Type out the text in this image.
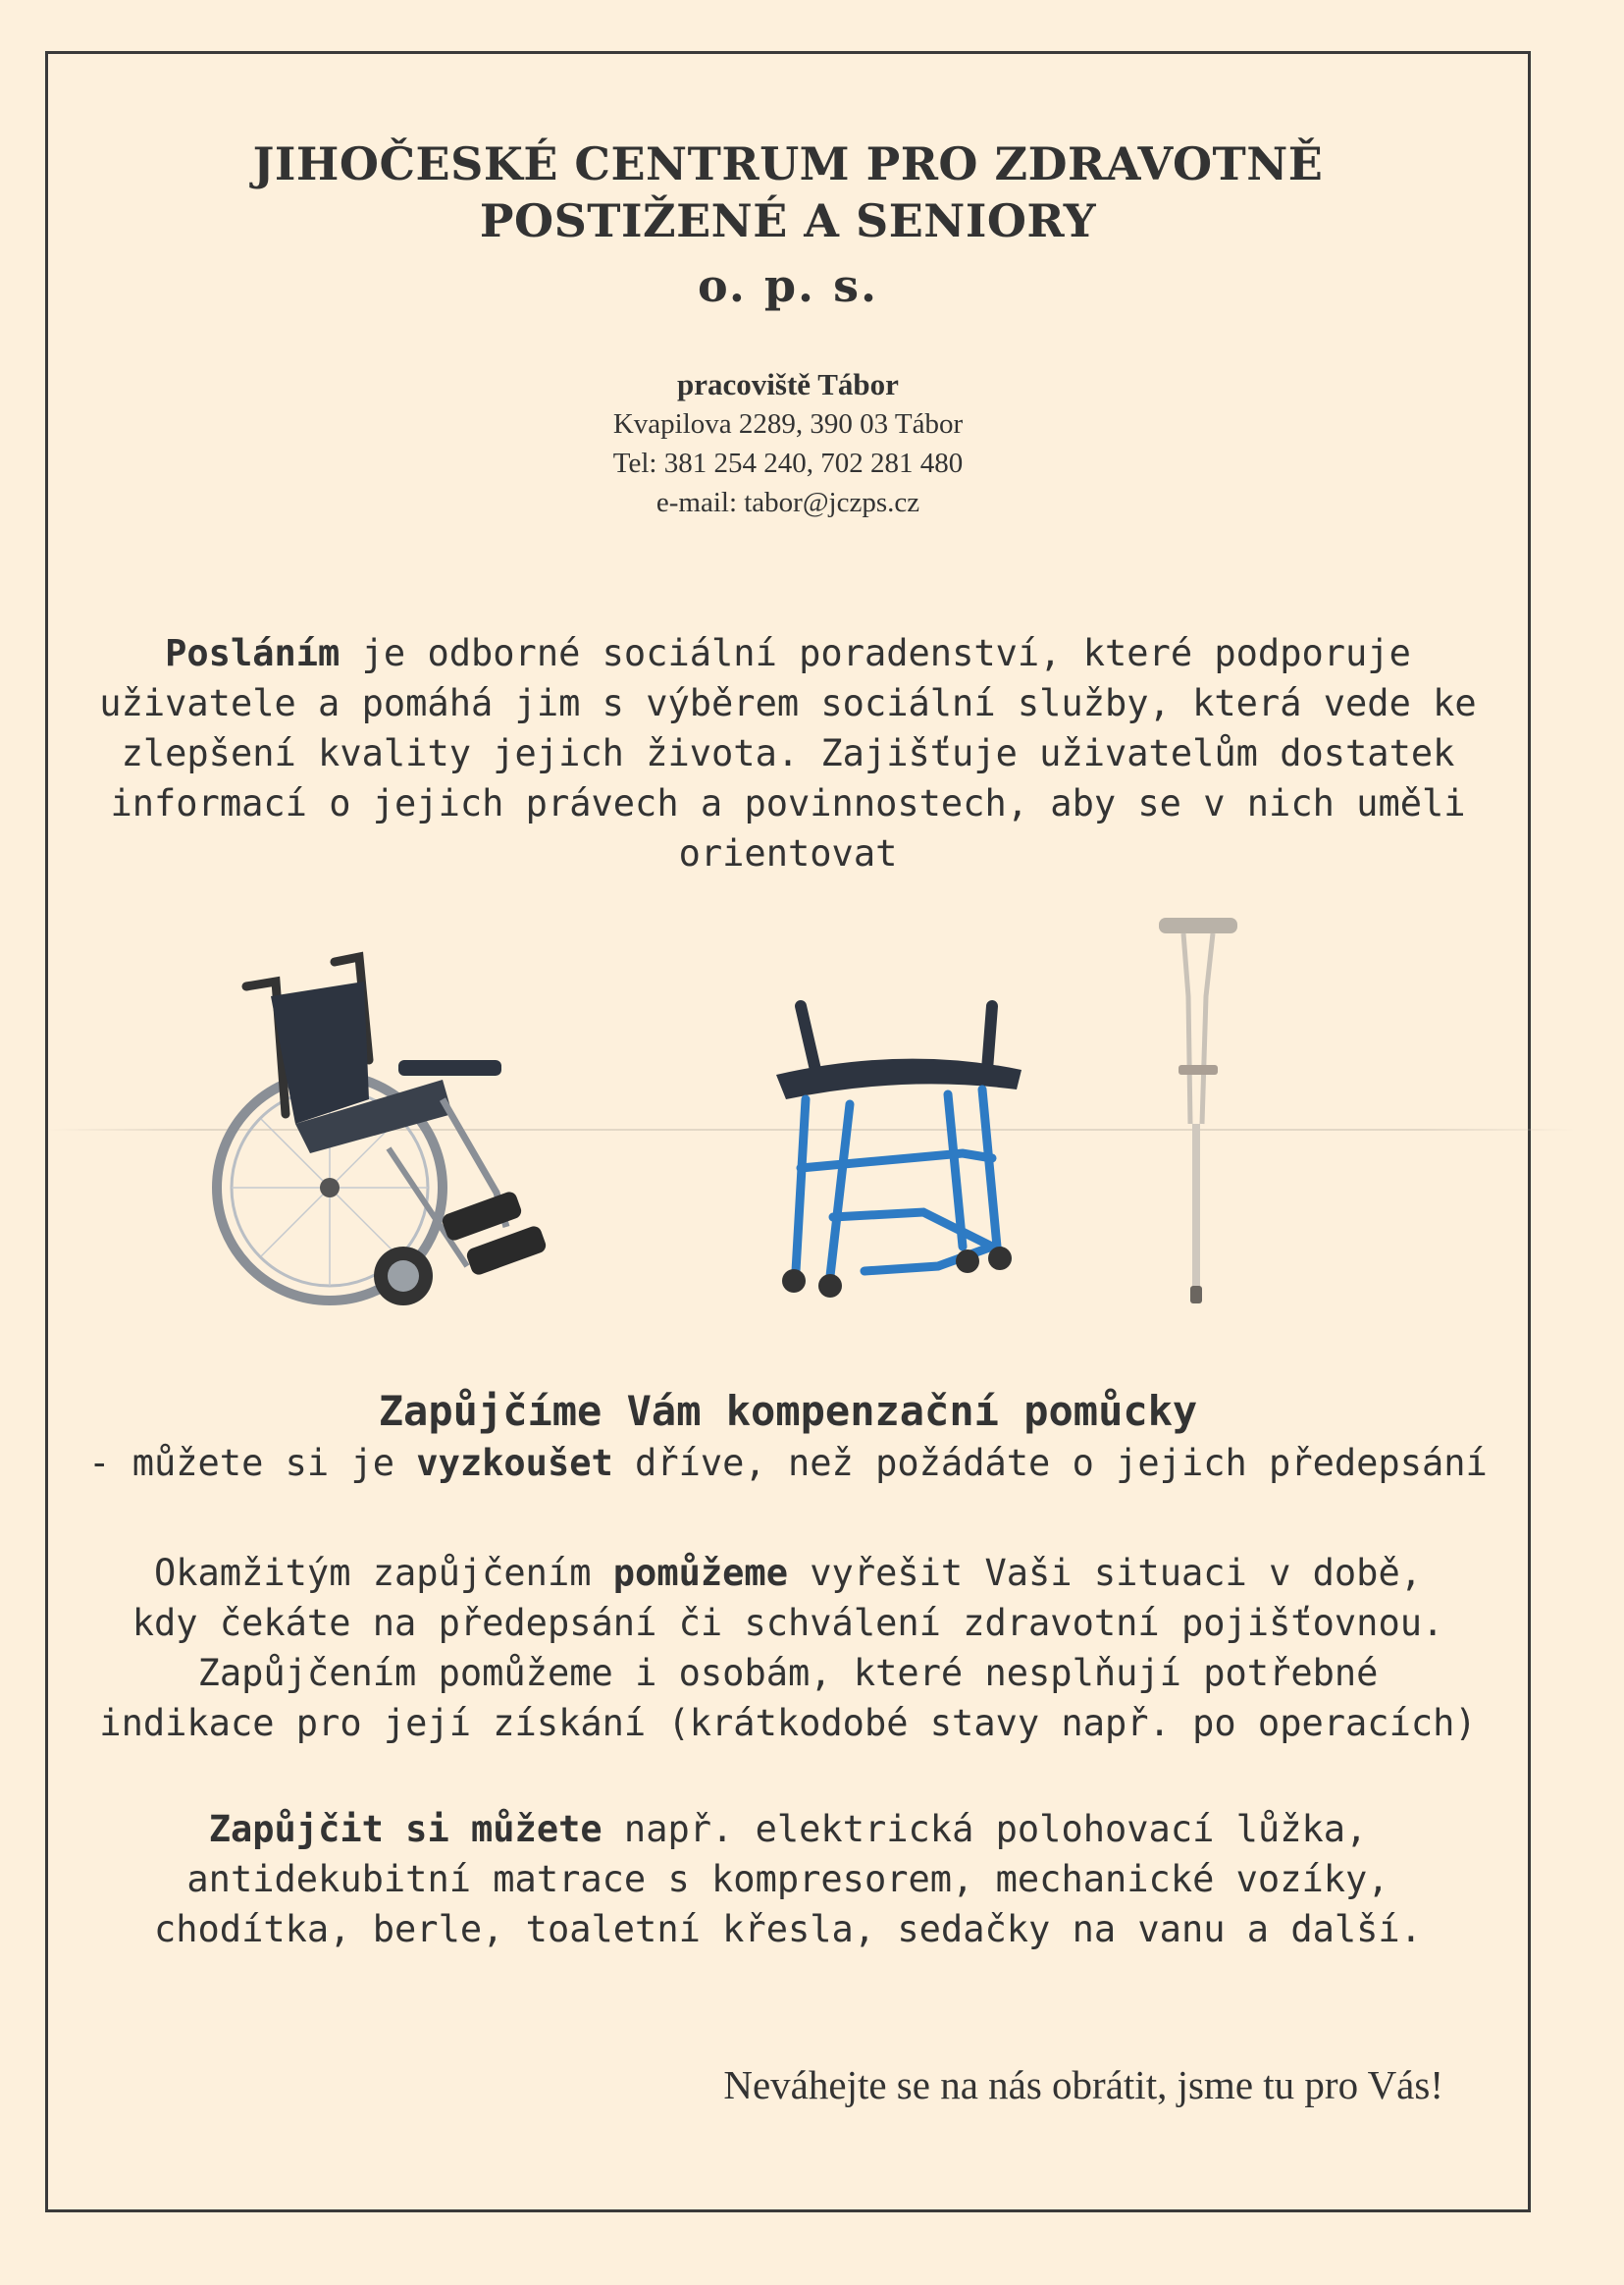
JIHOČESKÉ CENTRUM PRO ZDRAVOTNĚ
POSTIŽENÉ A SENIORY
o. p. s.
pracoviště Tábor
Kvapilova 2289, 390 03 Tábor
Tel: 381 254 240, 702 281 480
e-mail: tabor@jczps.cz
Posláním je odborné sociální poradenství, které podporuje
uživatele a pomáhá jim s výběrem sociální služby, která vede ke
zlepšení kvality jejich života. Zajišťuje uživatelům dostatek
informací o jejich právech a povinnostech, aby se v nich uměli
orientovat
Zapůjčíme Vám kompenzační pomůcky
- můžete si je vyzkoušet dříve, než požádáte o jejich předepsání
Okamžitým zapůjčením pomůžeme vyřešit Vaši situaci v době,
kdy čekáte na předepsání či schválení zdravotní pojišťovnou.
Zapůjčením pomůžeme i osobám, které nesplňují potřebné
indikace pro její získání (krátkodobé stavy např. po operacích)
Zapůjčit si můžete např. elektrická polohovací lůžka,
antidekubitní matrace s kompresorem, mechanické vozíky,
chodítka, berle, toaletní křesla, sedačky na vanu a další.
Neváhejte se na nás obrátit, jsme tu pro Vás!
